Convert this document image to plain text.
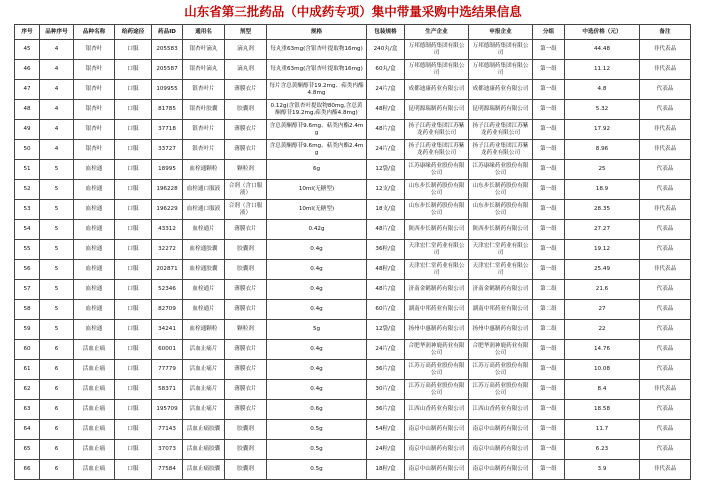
山东省第三批药品（中成药专项）集中带量采购中选结果信息
序号	品种序号	品种名称	给药途径	药品ID	通用名	剂型	规格	包装规格	生产企业	申报企业	分组	中选价格（元）	备注
45	4	银杏叶	口服	205583	银杏叶滴丸	滴丸剂	每丸重63mg(含银杏叶提取物16mg)	240丸/盒	万邦德制药集团有限公司	万邦德制药集团有限公司	第一组	44.48	非代表品
46	4	银杏叶	口服	205587	银杏叶滴丸	滴丸剂	每丸重63mg(含银杏叶提取物16mg)	60丸/盒	万邦德制药集团有限公司	万邦德制药集团有限公司	第一组	11.12	非代表品
47	4	银杏叶	口服	109955	银杏叶片	薄膜衣片	每片含总黄酮醇苷19.2mg、萜类内酯4.8mg	24片/盒	成都迪康药业有限公司	成都迪康药业有限公司	第一组	4.8	代表品
48	4	银杏叶	口服	81785	银杏叶胶囊	胶囊剂	0.12g(含银杏叶提取物80mg,含总黄酮醇苷19.2mg,萜类内酯4.8mg)	48粒/盒	昆明源瑞制药有限公司	昆明源瑞制药有限公司	第一组	5.32	代表品
49	4	银杏叶	口服	37718	银杏叶片	薄膜衣片	含总黄酮醇苷9.6mg、萜类内酯2.4mg	48片/盒	扬子江药业集团江苏紫龙药业有限公司	扬子江药业集团江苏紫龙药业有限公司	第一组	17.92	非代表品
50	4	银杏叶	口服	33727	银杏叶片	薄膜衣片	含总黄酮醇苷9.6mg、萜类内酯2.4mg	24片/盒	扬子江药业集团江苏紫龙药业有限公司	扬子江药业集团江苏紫龙药业有限公司	第一组	8.96	非代表品
51	5	血栓通	口服	18995	血栓通颗粒	颗粒剂	6g	12袋/盒	江苏康缘药业股份有限公司	江苏康缘药业股份有限公司	第一组	25	代表品
52	5	血栓通	口服	196228	血栓通口服液	合剂（含口服液）	10ml(无糖型)	12支/盒	山东步长制药股份有限公司	山东步长制药股份有限公司	第一组	18.9	代表品
53	5	血栓通	口服	196229	血栓通口服液	合剂（含口服液）	10ml(无糖型)	18支/盒	山东步长制药股份有限公司	山东步长制药股份有限公司	第一组	28.35	非代表品
54	5	血栓通	口服	43312	血栓通片	薄膜衣片	0.42g	48片/盒	陕西步长制药有限公司	陕西步长制药有限公司	第一组	27.27	代表品
55	5	血栓通	口服	32272	血栓通胶囊	胶囊剂	0.4g	36粒/盒	天津宏仁堂药业有限公司	天津宏仁堂药业有限公司	第一组	19.12	代表品
56	5	血栓通	口服	202871	血栓通胶囊	胶囊剂	0.4g	48粒/盒	天津宏仁堂药业有限公司	天津宏仁堂药业有限公司	第一组	25.49	非代表品
57	5	血栓通	口服	52346	血栓通片	薄膜衣片	0.4g	48片/盒	济南金鹤制药有限公司	济南金鹤制药有限公司	第二组	21.6	代表品
58	5	血栓通	口服	82709	血栓通片	薄膜衣片	0.4g	60片/盒	湖南中邦药业有限公司	湖南中邦药业有限公司	第二组	27	代表品
59	5	血栓通	口服	34241	血栓通颗粒	颗粒剂	5g	12袋/盒	扬州中惠制药有限公司	扬州中惠制药有限公司	第二组	22	代表品
60	6	活血止痛	口服	60001	活血止痛片	薄膜衣片	0.4g	24片/盒	合肥华润神鹿药业有限公司	合肥华润神鹿药业有限公司	第一组	14.76	代表品
61	6	活血止痛	口服	77779	活血止痛片	薄膜衣片	0.4g	36片/盒	江苏万高药业股份有限公司	江苏万高药业股份有限公司	第一组	10.08	代表品
62	6	活血止痛	口服	58371	活血止痛片	薄膜衣片	0.4g	30片/盒	江苏万高药业股份有限公司	江苏万高药业股份有限公司	第一组	8.4	非代表品
63	6	活血止痛	口服	195709	活血止痛片	薄膜衣片	0.6g	36片/盒	江西山香药业有限公司	江西山香药业有限公司	第一组	18.58	代表品
64	6	活血止痛	口服	77143	活血止痛胶囊	胶囊剂	0.5g	54粒/盒	南京中山制药有限公司	南京中山制药有限公司	第一组	11.7	代表品
65	6	活血止痛	口服	37073	活血止痛胶囊	胶囊剂	0.5g	24粒/盒	南京中山制药有限公司	南京中山制药有限公司	第一组	6.23	代表品
66	6	活血止痛	口服	77584	活血止痛胶囊	胶囊剂	0.5g	18粒/盒	南京中山制药有限公司	南京中山制药有限公司	第一组	3.9	非代表品
